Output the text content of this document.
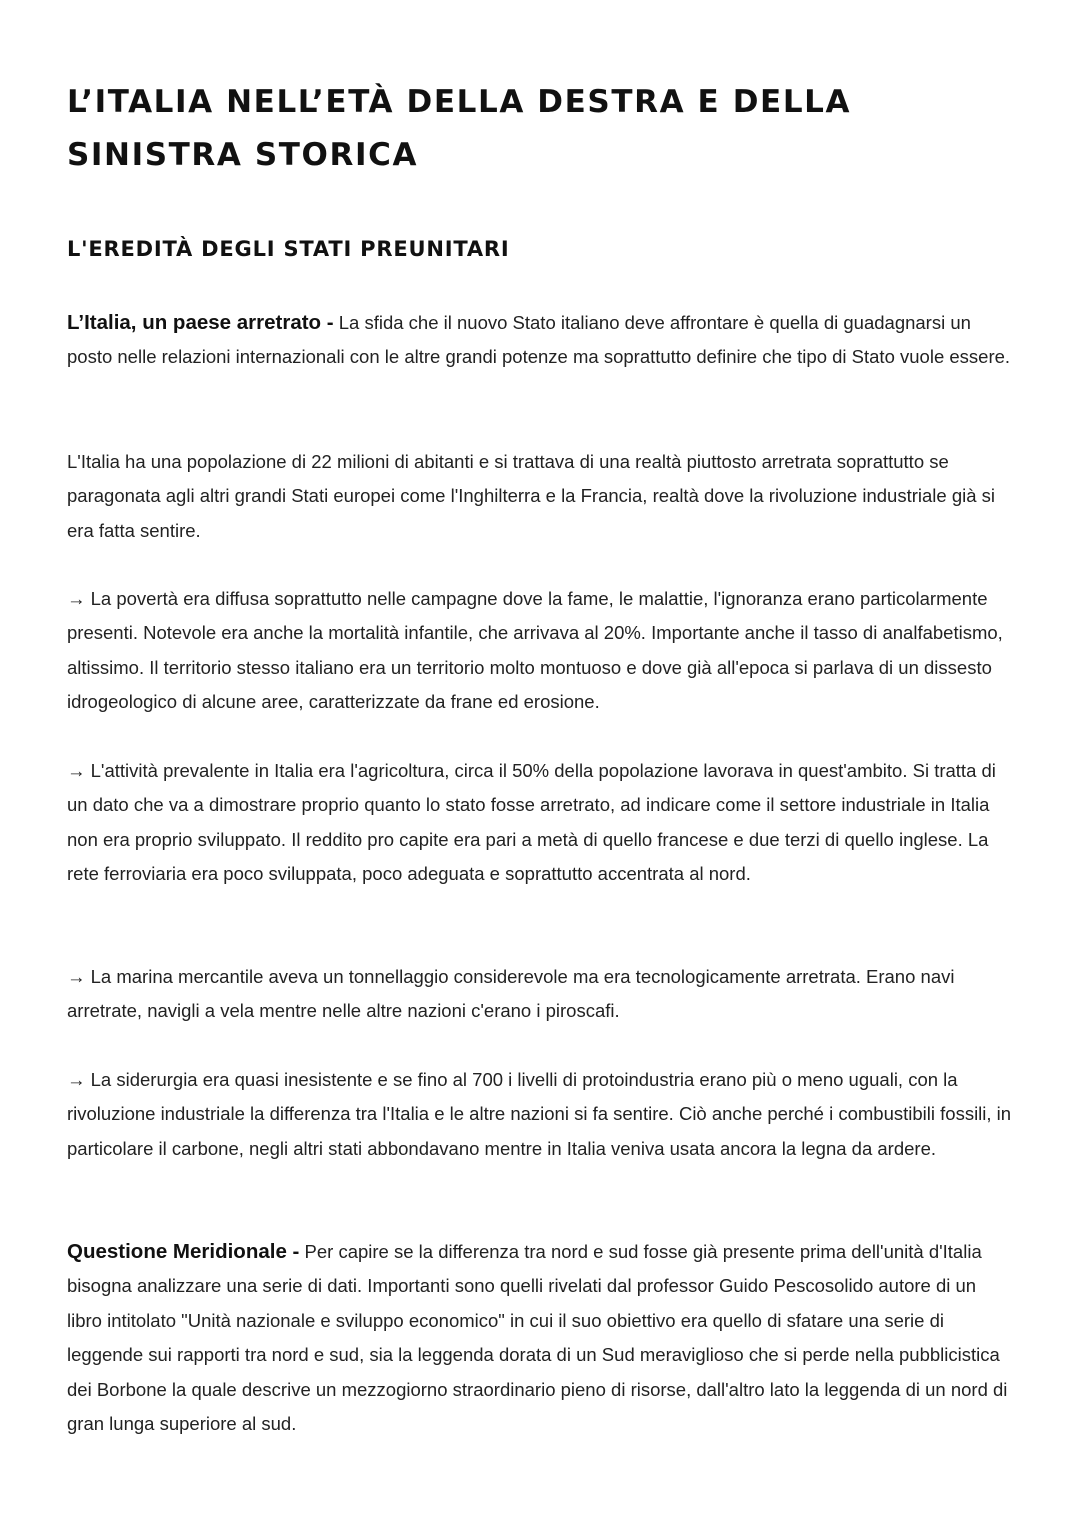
L’ITALIA NELL’ETÀ DELLA DESTRA E DELLA SINISTRA STORICA
L'EREDITÀ DEGLI STATI PREUNITARI

L’Italia, un paese arretrato - La sfida che il nuovo Stato italiano deve affrontare è quella di guadagnarsi un posto nelle relazioni internazionali con le altre grandi potenze ma soprattutto definire che tipo di Stato vuole essere.

L'Italia ha una popolazione di 22 milioni di abitanti e si trattava di una realtà piuttosto arretrata soprattutto se paragonata agli altri grandi Stati europei come l'Inghilterra e la Francia, realtà dove la rivoluzione industriale già si era fatta sentire.

→ La povertà era diffusa soprattutto nelle campagne dove la fame, le malattie, l'ignoranza erano particolarmente presenti. Notevole era anche la mortalità infantile, che arrivava al 20%. Importante anche il tasso di analfabetismo, altissimo. Il territorio stesso italiano era un territorio molto montuoso e dove già all'epoca si parlava di un dissesto idrogeologico di alcune aree, caratterizzate da frane ed erosione.

→ L'attività prevalente in Italia era l'agricoltura, circa il 50% della popolazione lavorava in quest'ambito. Si tratta di un dato che va a dimostrare proprio quanto lo stato fosse arretrato, ad indicare come il settore industriale in Italia non era proprio sviluppato. Il reddito pro capite era pari a metà di quello francese e due terzi di quello inglese. La rete ferroviaria era poco sviluppata, poco adeguata e soprattutto accentrata al nord.

→ La marina mercantile aveva un tonnellaggio considerevole ma era tecnologicamente arretrata. Erano navi arretrate, navigli a vela mentre nelle altre nazioni c'erano i piroscafi.

→ La siderurgia era quasi inesistente e se fino al 700 i livelli di protoindustria erano più o meno uguali, con la rivoluzione industriale la differenza tra l'Italia e le altre nazioni si fa sentire. Ciò anche perché i combustibili fossili, in particolare il carbone, negli altri stati abbondavano mentre in Italia veniva usata ancora la legna da ardere.

Questione Meridionale - Per capire se la differenza tra nord e sud fosse già presente prima dell'unità d'Italia bisogna analizzare una serie di dati. Importanti sono quelli rivelati dal professor Guido Pescosolido autore di un libro intitolato "Unità nazionale e sviluppo economico" in cui il suo obiettivo era quello di sfatare una serie di leggende sui rapporti tra nord e sud, sia la leggenda dorata di un Sud meraviglioso che si perde nella pubblicistica dei Borbone la quale descrive un mezzogiorno straordinario pieno di risorse, dall'altro lato la leggenda di un nord di gran lunga superiore al sud.
